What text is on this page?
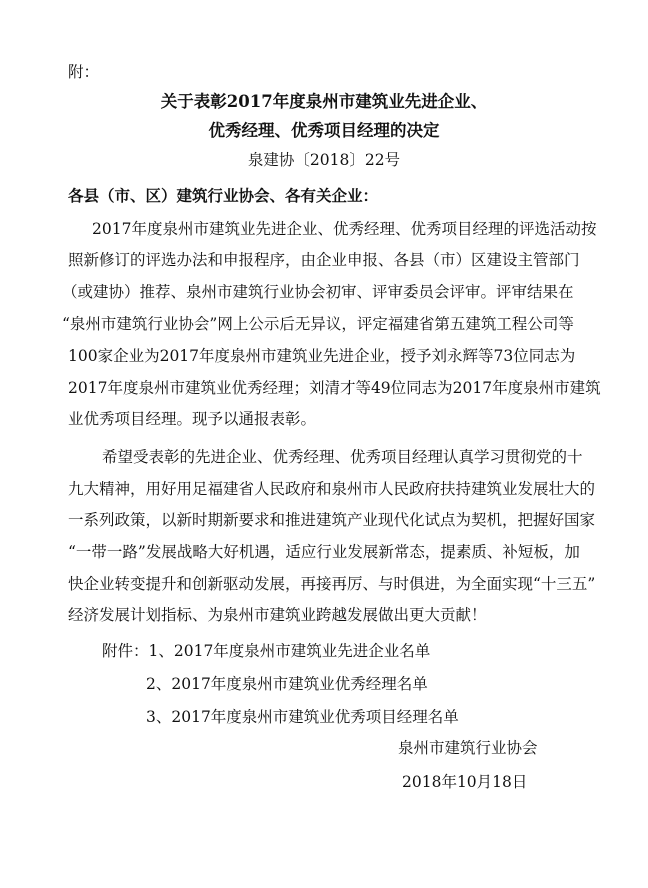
附：
关于表彰2017年度泉州市建筑业先进企业、
优秀经理、优秀项目经理的决定
泉建协〔2018〕22号
各县（市、区）建筑行业协会、各有关企业：
2017年度泉州市建筑业先进企业、优秀经理、优秀项目经理的评选活动按
照新修订的评选办法和申报程序，由企业申报、各县（市）区建设主管部门
（或建协）推荐、泉州市建筑行业协会初审、评审委员会评审。评审结果在
“泉州市建筑行业协会”网上公示后无异议，评定福建省第五建筑工程公司等
100家企业为2017年度泉州市建筑业先进企业，授予刘永辉等73位同志为
2017年度泉州市建筑业优秀经理；刘清才等49位同志为2017年度泉州市建筑
业优秀项目经理。现予以通报表彰。
希望受表彰的先进企业、优秀经理、优秀项目经理认真学习贯彻党的十
九大精神，用好用足福建省人民政府和泉州市人民政府扶持建筑业发展壮大的
一系列政策，以新时期新要求和推进建筑产业现代化试点为契机，把握好国家
“一带一路”发展战略大好机遇，适应行业发展新常态，提素质、补短板，加
快企业转变提升和创新驱动发展，再接再厉、与时俱进，为全面实现“十三五”
经济发展计划指标、为泉州市建筑业跨越发展做出更大贡献！
附件：1、2017年度泉州市建筑业先进企业名单
2、2017年度泉州市建筑业优秀经理名单
3、2017年度泉州市建筑业优秀项目经理名单
泉州市建筑行业协会
2018年10月18日
